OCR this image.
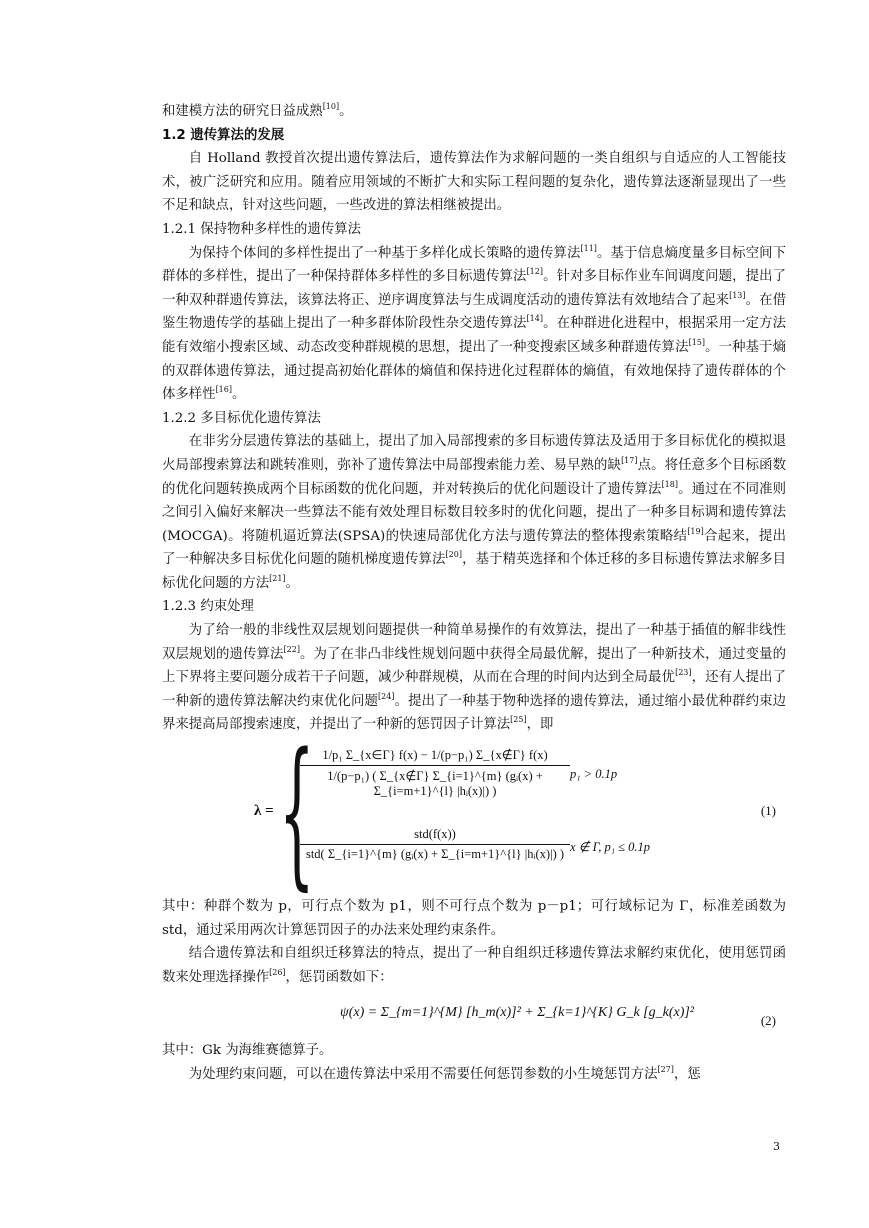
和建模方法的研究日益成熟[10]。

1.2 遗传算法的发展

自 Holland 教授首次提出遗传算法后，遗传算法作为求解问题的一类自组织与自适应的人工智能技术，被广泛研究和应用。随着应用领域的不断扩大和实际工程问题的复杂化，遗传算法逐渐显现出了一些不足和缺点，针对这些问题，一些改进的算法相继被提出。

1.2.1 保持物种多样性的遗传算法

为保持个体间的多样性提出了一种基于多样化成长策略的遗传算法[11]。基于信息熵度量多目标空间下群体的多样性，提出了一种保持群体多样性的多目标遗传算法[12]。针对多目标作业车间调度问题，提出了一种双种群遗传算法，该算法将正、逆序调度算法与生成调度活动的遗传算法有效地结合了起来[13]。在借鉴生物遗传学的基础上提出了一种多群体阶段性杂交遗传算法[14]。在种群进化进程中，根据采用一定方法能有效缩小搜索区域、动态改变种群规模的思想，提出了一种变搜索区域多种群遗传算法[15]。一种基于熵的双群体遗传算法，通过提高初始化群体的熵值和保持进化过程群体的熵值，有效地保持了遗传群体的个体多样性[16]。

1.2.2 多目标优化遗传算法

在非劣分层遗传算法的基础上，提出了加入局部搜索的多目标遗传算法及适用于多目标优化的模拟退火局部搜索算法和跳转准则，弥补了遗传算法中局部搜索能力差、易早熟的缺[17]点。将任意多个目标函数的优化问题转换成两个目标函数的优化问题，并对转换后的优化问题设计了遗传算法[18]。通过在不同准则之间引入偏好来解决一些算法不能有效处理目标数目较多时的优化问题，提出了一种多目标调和遗传算法(MOCGA)。将随机逼近算法(SPSA)的快速局部优化方法与遗传算法的整体搜索策略结[19]合起来，提出了一种解决多目标优化问题的随机梯度遗传算法[20]，基于精英选择和个体迁移的多目标遗传算法求解多目标优化问题的方法[21]。

1.2.3 约束处理

为了给一般的非线性双层规划问题提供一种简单易操作的有效算法，提出了一种基于插值的解非线性双层规划的遗传算法[22]。为了在非凸非线性规划问题中获得全局最优解，提出了一种新技术，通过变量的上下界将主要问题分成若干子问题，减少种群规模，从而在合理的时间内达到全局最优[23]，还有人提出了一种新的遗传算法解决约束优化问题[24]。提出了一种基于物种选择的遗传算法，通过缩小最优种群约束边界来提高局部搜索速度，并提出了一种新的惩罚因子计算法[25]，即

λ = { 1/p₁ Σ_{x∈Γ} f(x) − 1/(p−p₁) Σ_{x∉Γ} f(x)
1/(p−p₁) ( Σ_{x∉Γ} Σ_{i=1}^{m} (gᵢ(x) + Σ_{i=m+1}^{l} |hᵢ(x)|) )
p₁ > 0.1p
std(f(x))
std( Σ_{i=1}^{m} (gᵢ(x) + Σ_{i=m+1}^{l} |hᵢ(x)|) ) x ∉ Γ, p₁ ≤ 0.1p
(1)

其中：种群个数为 p，可行点个数为 p1，则不可行点个数为 p－p1；可行域标记为 Γ，标准差函数为 std，通过采用两次计算惩罚因子的办法来处理约束条件。

结合遗传算法和自组织迁移算法的特点，提出了一种自组织迁移遗传算法求解约束优化，使用惩罚函数来处理选择操作[26]，惩罚函数如下：

ψ(x) = Σ_{m=1}^{M} [h_m(x)]² + Σ_{k=1}^{K} G_k [g_k(x)]²
(2)

其中：Gk 为海维赛德算子。

为处理约束问题，可以在遗传算法中采用不需要任何惩罚参数的小生境惩罚方法[27]，惩

3
